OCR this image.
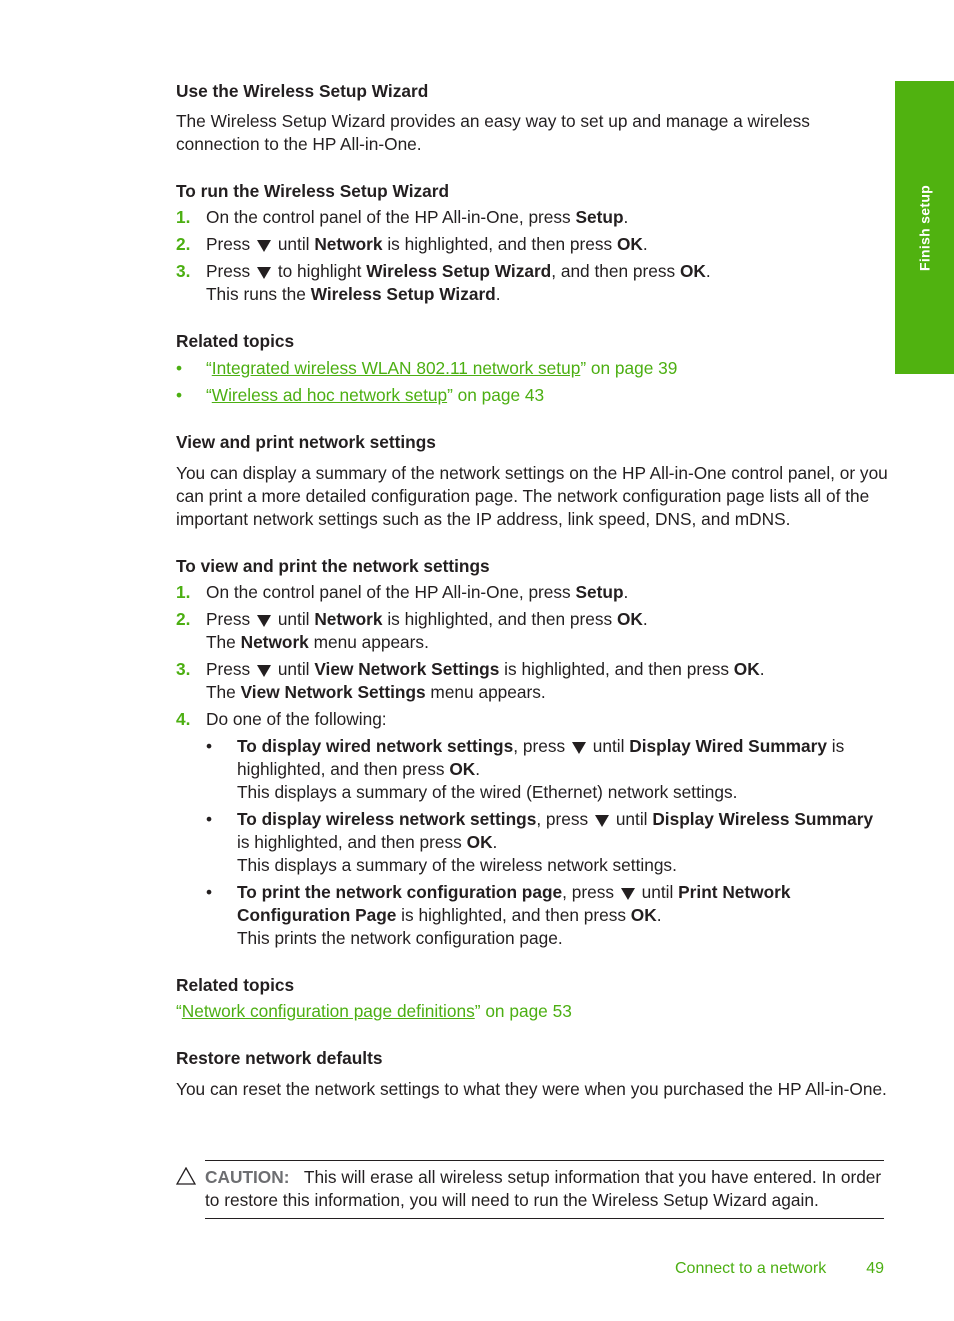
Finish setup
Use the Wireless Setup Wizard

The Wireless Setup Wizard provides an easy way to set up and manage a wireless connection to the HP All-in-One.

To run the Wireless Setup Wizard
1. On the control panel of the HP All-in-One, press Setup.
2. Press until Network is highlighted, and then press OK.
3. Press to highlight Wireless Setup Wizard, and then press OK.
This runs the Wireless Setup Wizard.
Related topics
• “Integrated wireless WLAN 802.11 network setup” on page 39
• “Wireless ad hoc network setup” on page 43
View and print network settings

You can display a summary of the network settings on the HP All-in-One control panel, or you can print a more detailed configuration page. The network configuration page lists all of the important network settings such as the IP address, link speed, DNS, and mDNS.

To view and print the network settings
1. On the control panel of the HP All-in-One, press Setup.
2. Press until Network is highlighted, and then press OK.
The Network menu appears.
3. Press until View Network Settings is highlighted, and then press OK.
The View Network Settings menu appears.
4. Do one of the following:
• To display wired network settings, press until Display Wired Summary is highlighted, and then press OK.
This displays a summary of the wired (Ethernet) network settings.
• To display wireless network settings, press until Display Wireless Summary is highlighted, and then press OK.
This displays a summary of the wireless network settings.
• To print the network configuration page, press until Print Network Configuration Page is highlighted, and then press OK.
This prints the network configuration page.
Related topics

“Network configuration page definitions” on page 53

Restore network defaults

You can reset the network settings to what they were when you purchased the HP All-in-One.

CAUTION: This will erase all wireless setup information that you have entered. In order to restore this information, you will need to run the Wireless Setup Wizard again.
Connect to a network	49
